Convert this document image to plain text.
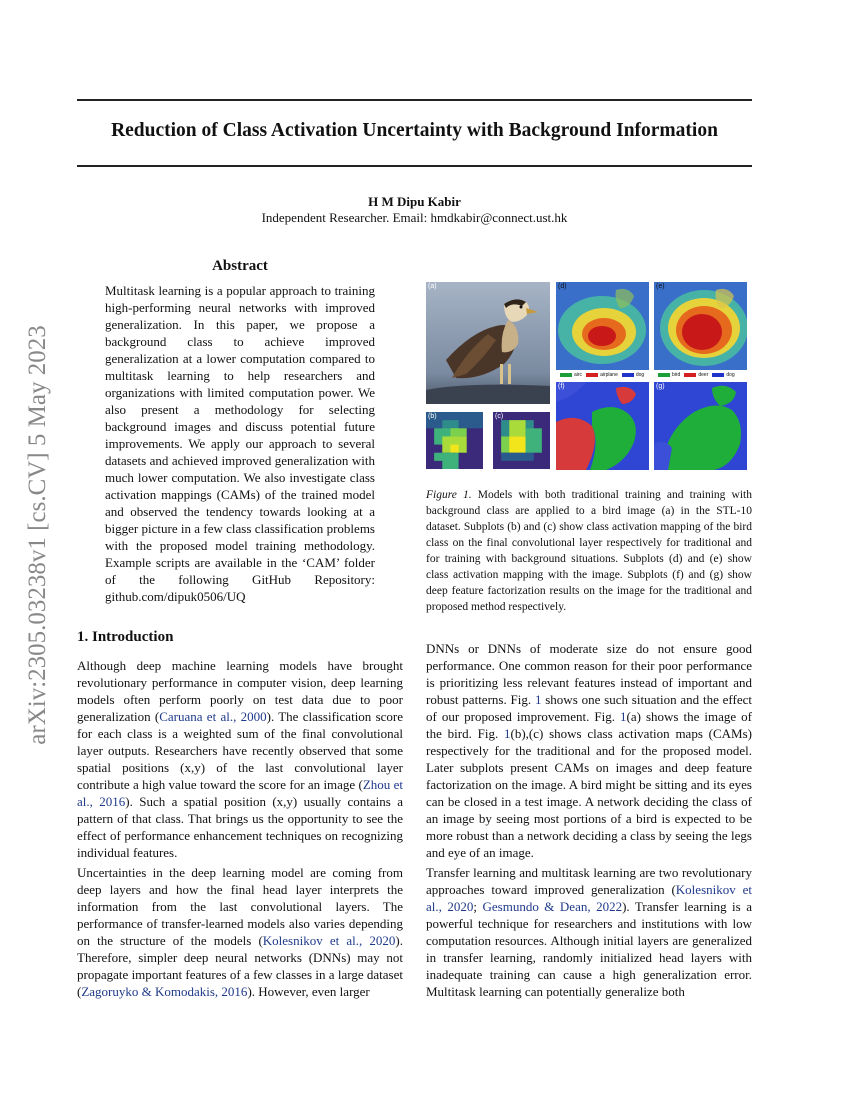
Reduction of Class Activation Uncertainty with Background Information
H M Dipu Kabir
Independent Researcher. Email: hmdkabir@connect.ust.hk
arXiv:2305.03238v1 [cs.CV] 5 May 2023
Abstract
Multitask learning is a popular approach to training high-performing neural networks with improved generalization. In this paper, we propose a background class to achieve improved generalization at a lower computation compared to multitask learning to help researchers and organizations with limited computation power. We also present a methodology for selecting background images and discuss potential future improvements. We apply our approach to several datasets and achieved improved generalization with much lower computation. We also investigate class activation mappings (CAMs) of the trained model and observed the tendency towards looking at a bigger picture in a few class classification problems with the proposed model training methodology. Example scripts are available in the ‘CAM’ folder of the following GitHub Repository: github.com/dipuk0506/UQ
(a)
(b)	(c)
(d)
airc	airplane	dog
(e)
bird	deer	dog
(f)	(g)
Figure 1. Models with both traditional training and training with background class are applied to a bird image (a) in the STL-10 dataset. Subplots (b) and (c) show class activation mapping of the bird class on the final convolutional layer respectively for traditional and for training with background situations. Subplots (d) and (e) show class activation mapping with the image. Subplots (f) and (g) show deep feature factorization results on the image for the traditional and proposed method respectively.
1. Introduction
Although deep machine learning models have brought revolutionary performance in computer vision, deep learning models often perform poorly on test data due to poor generalization (Caruana et al., 2000). The classification score for each class is a weighted sum of the final convolutional layer outputs. Researchers have recently observed that some spatial positions (x,y) of the last convolutional layer contribute a high value toward the score for an image (Zhou et al., 2016). Such a spatial position (x,y) usually contains a pattern of that class. That brings us the opportunity to see the effect of performance enhancement techniques on recognizing individual features.
Uncertainties in the deep learning model are coming from deep layers and how the final head layer interprets the information from the last convolutional layers. The performance of transfer-learned models also varies depending on the structure of the models (Kolesnikov et al., 2020). Therefore, simpler deep neural networks (DNNs) may not propagate important features of a few classes in a large dataset (Zagoruyko & Komodakis, 2016). However, even larger
DNNs or DNNs of moderate size do not ensure good performance. One common reason for their poor performance is prioritizing less relevant features instead of important and robust patterns. Fig. 1 shows one such situation and the effect of our proposed improvement. Fig. 1(a) shows the image of the bird. Fig. 1(b),(c) shows class activation maps (CAMs) respectively for the traditional and for the proposed model. Later subplots present CAMs on images and deep feature factorization on the image. A bird might be sitting and its eyes can be closed in a test image. A network deciding the class of an image by seeing most portions of a bird is expected to be more robust than a network deciding a class by seeing the legs and eye of an image.
Transfer learning and multitask learning are two revolutionary approaches toward improved generalization (Kolesnikov et al., 2020; Gesmundo & Dean, 2022). Transfer learning is a powerful technique for researchers and institutions with low computation resources. Although initial layers are generalized in transfer learning, randomly initialized head layers with inadequate training can cause a high generalization error. Multitask learning can potentially generalize both
